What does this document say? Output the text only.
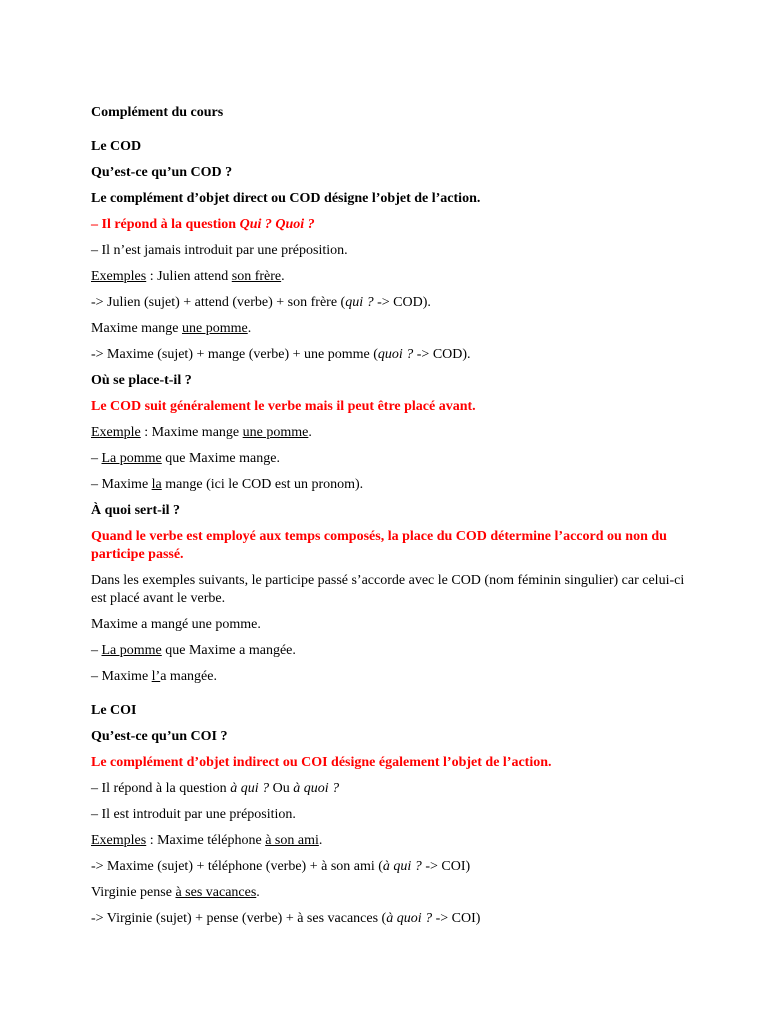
Complément du cours

Le COD

Qu’est-ce qu’un COD ?

Le complément d’objet direct ou COD désigne l’objet de l’action.

– Il répond à la question Qui ? Quoi ?

– Il n’est jamais introduit par une préposition.

Exemples : Julien attend son frère.

-> Julien (sujet) + attend (verbe) + son frère (qui ? -> COD).

Maxime mange une pomme.

-> Maxime (sujet) + mange (verbe) + une pomme (quoi ? -> COD).

Où se place-t-il ?

Le COD suit généralement le verbe mais il peut être placé avant.

Exemple : Maxime mange une pomme.

– La pomme que Maxime mange.

– Maxime la mange (ici le COD est un pronom).

À quoi sert-il ?

Quand le verbe est employé aux temps composés, la place du COD détermine l’accord ou non du participe passé.

Dans les exemples suivants, le participe passé s’accorde avec le COD (nom féminin singulier) car celui-ci est placé avant le verbe.

Maxime a mangé une pomme.

– La pomme que Maxime a mangée.

– Maxime l’a mangée.

Le COI

Qu’est-ce qu’un COI ?

Le complément d’objet indirect ou COI désigne également l’objet de l’action.

– Il répond à la question à qui ? Ou à quoi ?

– Il est introduit par une préposition.

Exemples : Maxime téléphone à son ami.

-> Maxime (sujet) + téléphone (verbe) + à son ami (à qui ? -> COI)

Virginie pense à ses vacances.

-> Virginie (sujet) + pense (verbe) + à ses vacances (à quoi ? -> COI)
